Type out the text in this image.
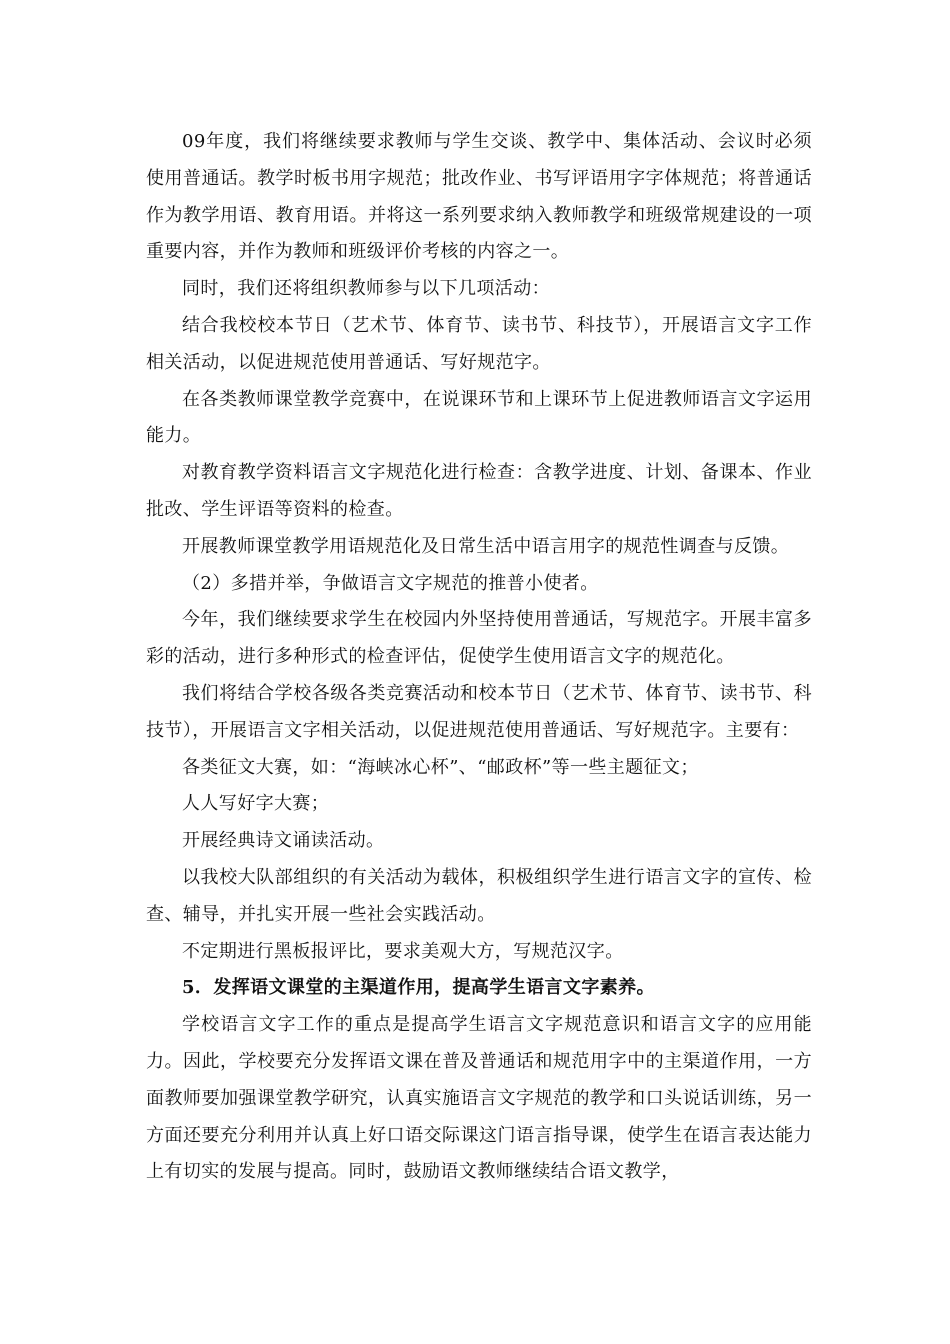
09年度，我们将继续要求教师与学生交谈、教学中、集体活动、会议时必须使用普通话。教学时板书用字规范；批改作业、书写评语用字字体规范；将普通话作为教学用语、教育用语。并将这一系列要求纳入教师教学和班级常规建设的一项重要内容，并作为教师和班级评价考核的内容之一。

同时，我们还将组织教师参与以下几项活动：

结合我校校本节日（艺术节、体育节、读书节、科技节），开展语言文字工作相关活动，以促进规范使用普通话、写好规范字。

在各类教师课堂教学竞赛中，在说课环节和上课环节上促进教师语言文字运用能力。

对教育教学资料语言文字规范化进行检查：含教学进度、计划、备课本、作业批改、学生评语等资料的检查。

开展教师课堂教学用语规范化及日常生活中语言用字的规范性调查与反馈。

（2）多措并举，争做语言文字规范的推普小使者。

今年，我们继续要求学生在校园内外坚持使用普通话，写规范字。开展丰富多彩的活动，进行多种形式的检查评估，促使学生使用语言文字的规范化。

我们将结合学校各级各类竞赛活动和校本节日（艺术节、体育节、读书节、科技节），开展语言文字相关活动，以促进规范使用普通话、写好规范字。主要有：

各类征文大赛，如：“海峡冰心杯”、“邮政杯”等一些主题征文；

人人写好字大赛；

开展经典诗文诵读活动。

以我校大队部组织的有关活动为载体，积极组织学生进行语言文字的宣传、检查、辅导，并扎实开展一些社会实践活动。

不定期进行黑板报评比，要求美观大方，写规范汉字。

5．发挥语文课堂的主渠道作用，提高学生语言文字素养。

学校语言文字工作的重点是提高学生语言文字规范意识和语言文字的应用能力。因此，学校要充分发挥语文课在普及普通话和规范用字中的主渠道作用，一方面教师要加强课堂教学研究，认真实施语言文字规范的教学和口头说话训练，另一方面还要充分利用并认真上好口语交际课这门语言指导课，使学生在语言表达能力上有切实的发展与提高。同时，鼓励语文教师继续结合语文教学，
